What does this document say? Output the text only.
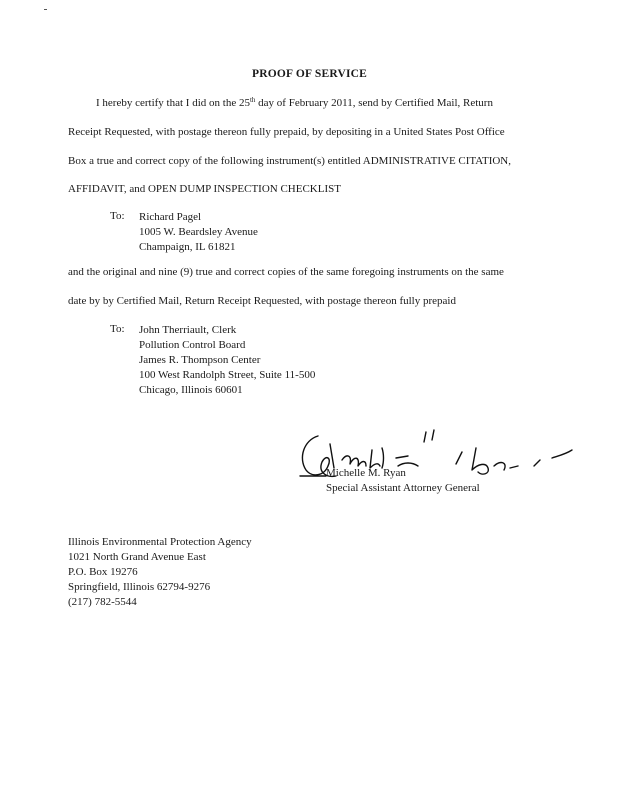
PROOF OF SERVICE
I hereby certify that I did on the 25th day of February 2011, send by Certified Mail, Return
Receipt Requested, with postage thereon fully prepaid, by depositing in a United States Post Office
Box a true and correct copy of the following instrument(s) entitled ADMINISTRATIVE CITATION,
AFFIDAVIT, and OPEN DUMP INSPECTION CHECKLIST
To: Richard Pagel
1005 W. Beardsley Avenue
Champaign, IL 61821
and the original and nine (9) true and correct copies of the same foregoing instruments on the same
date by by Certified Mail, Return Receipt Requested, with postage thereon fully prepaid
To: John Therriault, Clerk
Pollution Control Board
James R. Thompson Center
100 West Randolph Street, Suite 11-500
Chicago, Illinois 60601
Michelle M. Ryan
Special Assistant Attorney General
Illinois Environmental Protection Agency
1021 North Grand Avenue East
P.O. Box 19276
Springfield, Illinois 62794-9276
(217) 782-5544
